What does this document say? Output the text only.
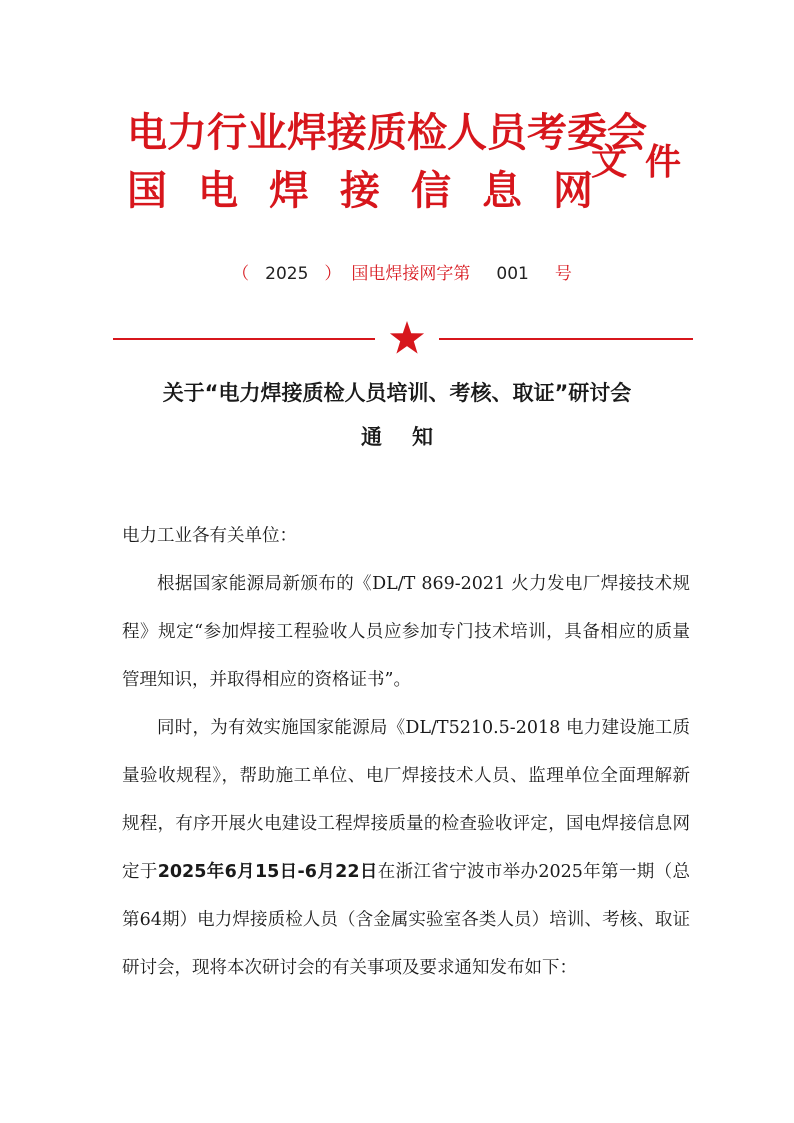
电力行业焊接质检人员考委会
国电焊接信息网
文件
（ 2025 ） 国电焊接网字第 001 号
关于“电力焊接质检人员培训、考核、取证”研讨会
通知

电力工业各有关单位：

根据国家能源局新颁布的《DL/T 869-2021 火力发电厂焊接技术规程》规定“参加焊接工程验收人员应参加专门技术培训，具备相应的质量管理知识，并取得相应的资格证书”。

同时，为有效实施国家能源局《DL/T5210.5-2018 电力建设施工质量验收规程》，帮助施工单位、电厂焊接技术人员、监理单位全面理解新规程，有序开展火电建设工程焊接质量的检查验收评定，国电焊接信息网定于2025年6月15日-6月22日在浙江省宁波市举办2025年第一期（总第64期）电力焊接质检人员（含金属实验室各类人员）培训、考核、取证研讨会，现将本次研讨会的有关事项及要求通知发布如下：
